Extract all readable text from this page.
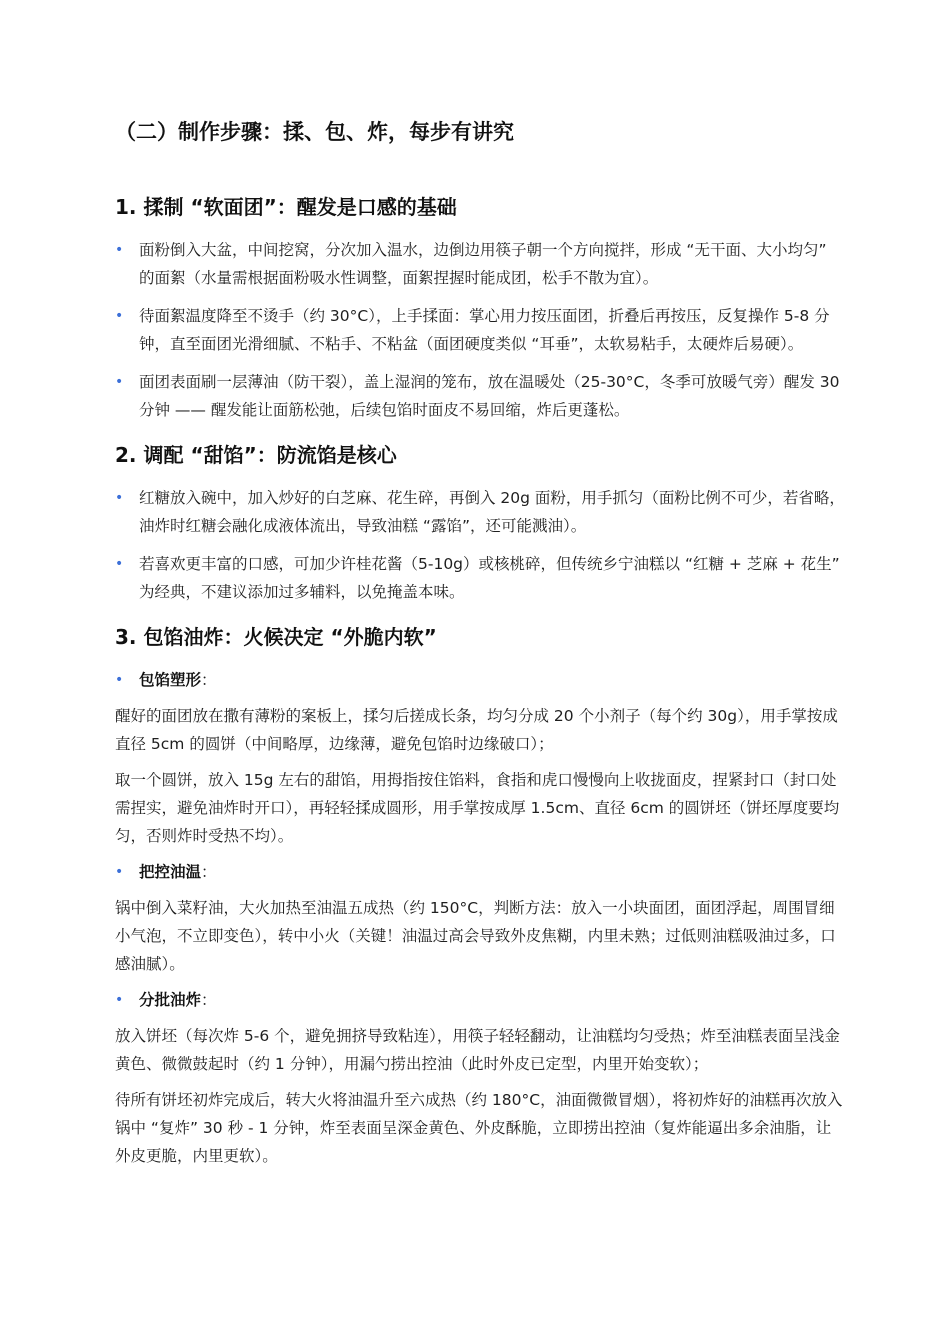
（二）制作步骤：揉、包、炸，每步有讲究
1. 揉制 “软面团”：醒发是口感的基础
• 面粉倒入大盆，中间挖窝，分次加入温水，边倒边用筷子朝一个方向搅拌，形成 “无干面、大小均匀” 的面絮（水量需根据面粉吸水性调整，面絮捏握时能成团，松手不散为宜）。
• 待面絮温度降至不烫手（约 30°C），上手揉面：掌心用力按压面团，折叠后再按压，反复操作 5-8 分钟，直至面团光滑细腻、不粘手、不粘盆（面团硬度类似 “耳垂”，太软易粘手，太硬炸后易硬）。
• 面团表面刷一层薄油（防干裂），盖上湿润的笼布，放在温暖处（25-30°C，冬季可放暖气旁）醒发 30 分钟 —— 醒发能让面筋松弛，后续包馅时面皮不易回缩，炸后更蓬松。
2. 调配 “甜馅”：防流馅是核心
• 红糖放入碗中，加入炒好的白芝麻、花生碎，再倒入 20g 面粉，用手抓匀（面粉比例不可少，若省略，油炸时红糖会融化成液体流出，导致油糕 “露馅”，还可能溅油）。
• 若喜欢更丰富的口感，可加少许桂花酱（5-10g）或核桃碎，但传统乡宁油糕以 “红糖 + 芝麻 + 花生” 为经典，不建议添加过多辅料，以免掩盖本味。
3. 包馅油炸：火候决定 “外脆内软”
• 包馅塑形：

醒好的面团放在撒有薄粉的案板上，揉匀后搓成长条，均匀分成 20 个小剂子（每个约 30g），用手掌按成直径 5cm 的圆饼（中间略厚，边缘薄，避免包馅时边缘破口）；

取一个圆饼，放入 15g 左右的甜馅，用拇指按住馅料，食指和虎口慢慢向上收拢面皮，捏紧封口（封口处需捏实，避免油炸时开口），再轻轻揉成圆形，用手掌按成厚 1.5cm、直径 6cm 的圆饼坯（饼坯厚度要均匀，否则炸时受热不均）。

• 把控油温：

锅中倒入菜籽油，大火加热至油温五成热（约 150°C，判断方法：放入一小块面团，面团浮起，周围冒细小气泡，不立即变色），转中小火（关键！油温过高会导致外皮焦糊，内里未熟；过低则油糕吸油过多，口感油腻）。

• 分批油炸：

放入饼坯（每次炸 5-6 个，避免拥挤导致粘连），用筷子轻轻翻动，让油糕均匀受热；炸至油糕表面呈浅金黄色、微微鼓起时（约 1 分钟），用漏勺捞出控油（此时外皮已定型，内里开始变软）；

待所有饼坯初炸完成后，转大火将油温升至六成热（约 180°C，油面微微冒烟），将初炸好的油糕再次放入锅中 “复炸” 30 秒 - 1 分钟，炸至表面呈深金黄色、外皮酥脆，立即捞出控油（复炸能逼出多余油脂，让外皮更脆，内里更软）。
